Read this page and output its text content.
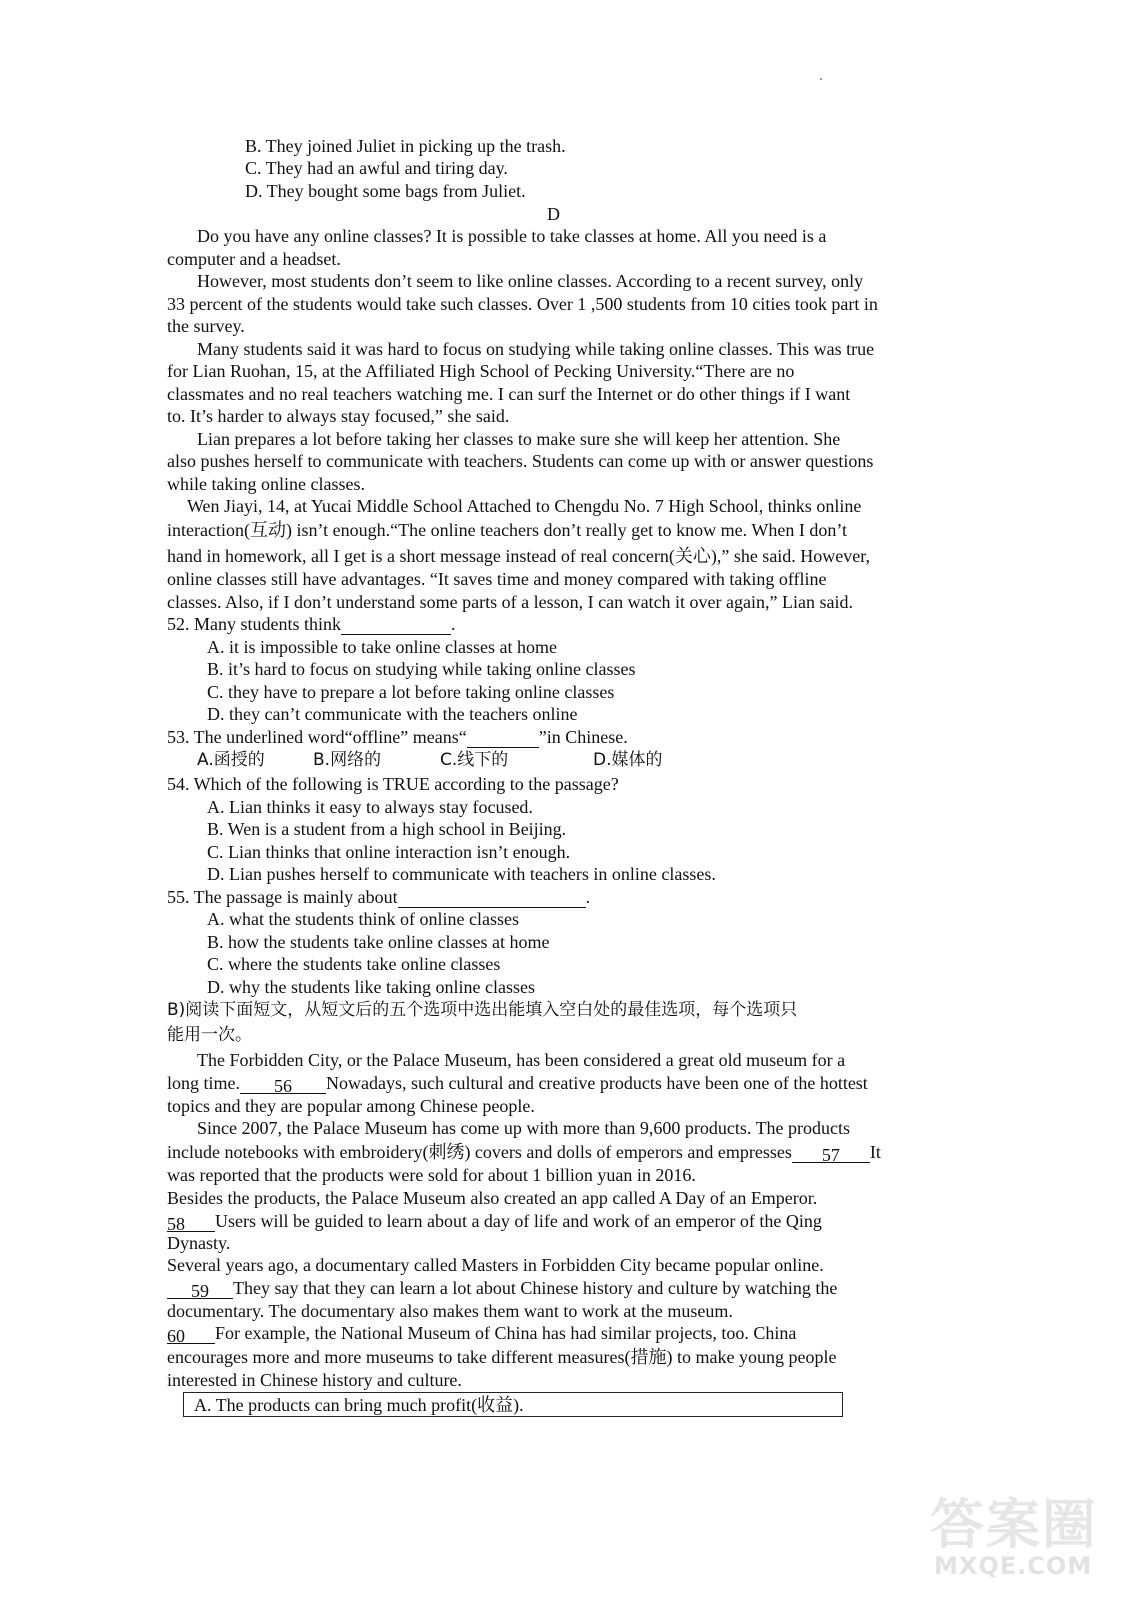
B. They joined Juliet in picking up the trash.

C. They had an awful and tiring day.

D. They bought some bags from Juliet.

D

Do you have any online classes? It is possible to take classes at home. All you need is a

computer and a headset.

However, most students don’t seem to like online classes. According to a recent survey, only

33 percent of the students would take such classes. Over 1 ,500 students from 10 cities took part in

the survey.

Many students said it was hard to focus on studying while taking online classes. This was true

for Lian Ruohan, 15, at the Affiliated High School of Pecking University.“There are no

classmates and no real teachers watching me. I can surf the Internet or do other things if I want

to. It’s harder to always stay focused,” she said.

Lian prepares a lot before taking her classes to make sure she will keep her attention. She

also pushes herself to communicate with teachers. Students can come up with or answer questions

while taking online classes.

Wen Jiayi, 14, at Yucai Middle School Attached to Chengdu No. 7 High School, thinks online

interaction(互动) isn’t enough.“The online teachers don’t really get to know me. When I don’t

hand in homework, all I get is a short message instead of real concern(关心),” she said. However,

online classes still have advantages. “It saves time and money compared with taking offline

classes. Also, if I don’t understand some parts of a lesson, I can watch it over again,” Lian said.

52. Many students think	.

A. it is impossible to take online classes at home

B. it’s hard to focus on studying while taking online classes

C. they have to prepare a lot before taking online classes

D. they can’t communicate with the teachers online

53. The underlined word“offline” means“	”in Chinese.

A.函授的	B.网络的	C.线下的	D.媒体的

54. Which of the following is TRUE according to the passage?

A. Lian thinks it easy to always stay focused.

B. Wen is a student from a high school in Beijing.

C. Lian thinks that online interaction isn’t enough.

D. Lian pushes herself to communicate with teachers in online classes.

55. The passage is mainly about	.

A. what the students think of online classes

B. how the students take online classes at home

C. where the students take online classes

D. why the students like taking online classes

B)阅读下面短文，从短文后的五个选项中选出能填入空白处的最佳选项，每个选项只

能用一次。

The Forbidden City, or the Palace Museum, has been considered a great old museum for a

long time. 56 Nowadays, such cultural and creative products have been one of the hottest

topics and they are popular among Chinese people.

Since 2007, the Palace Museum has come up with more than 9,600 products. The products

include notebooks with embroidery(刺绣) covers and dolls of emperors and empresses 57 It

was reported that the products were sold for about 1 billion yuan in 2016.

Besides the products, the Palace Museum also created an app called A Day of an Emperor.

58 Users will be guided to learn about a day of life and work of an emperor of the Qing

Dynasty.

Several years ago, a documentary called Masters in Forbidden City became popular online.

59 They say that they can learn a lot about Chinese history and culture by watching the

documentary. The documentary also makes them want to work at the museum.

60 For example, the National Museum of China has had similar projects, too. China

encourages more and more museums to take different measures(措施) to make young people

interested in Chinese history and culture.

A. The products can bring much profit(收益).
答案圈
MXQE.COM
